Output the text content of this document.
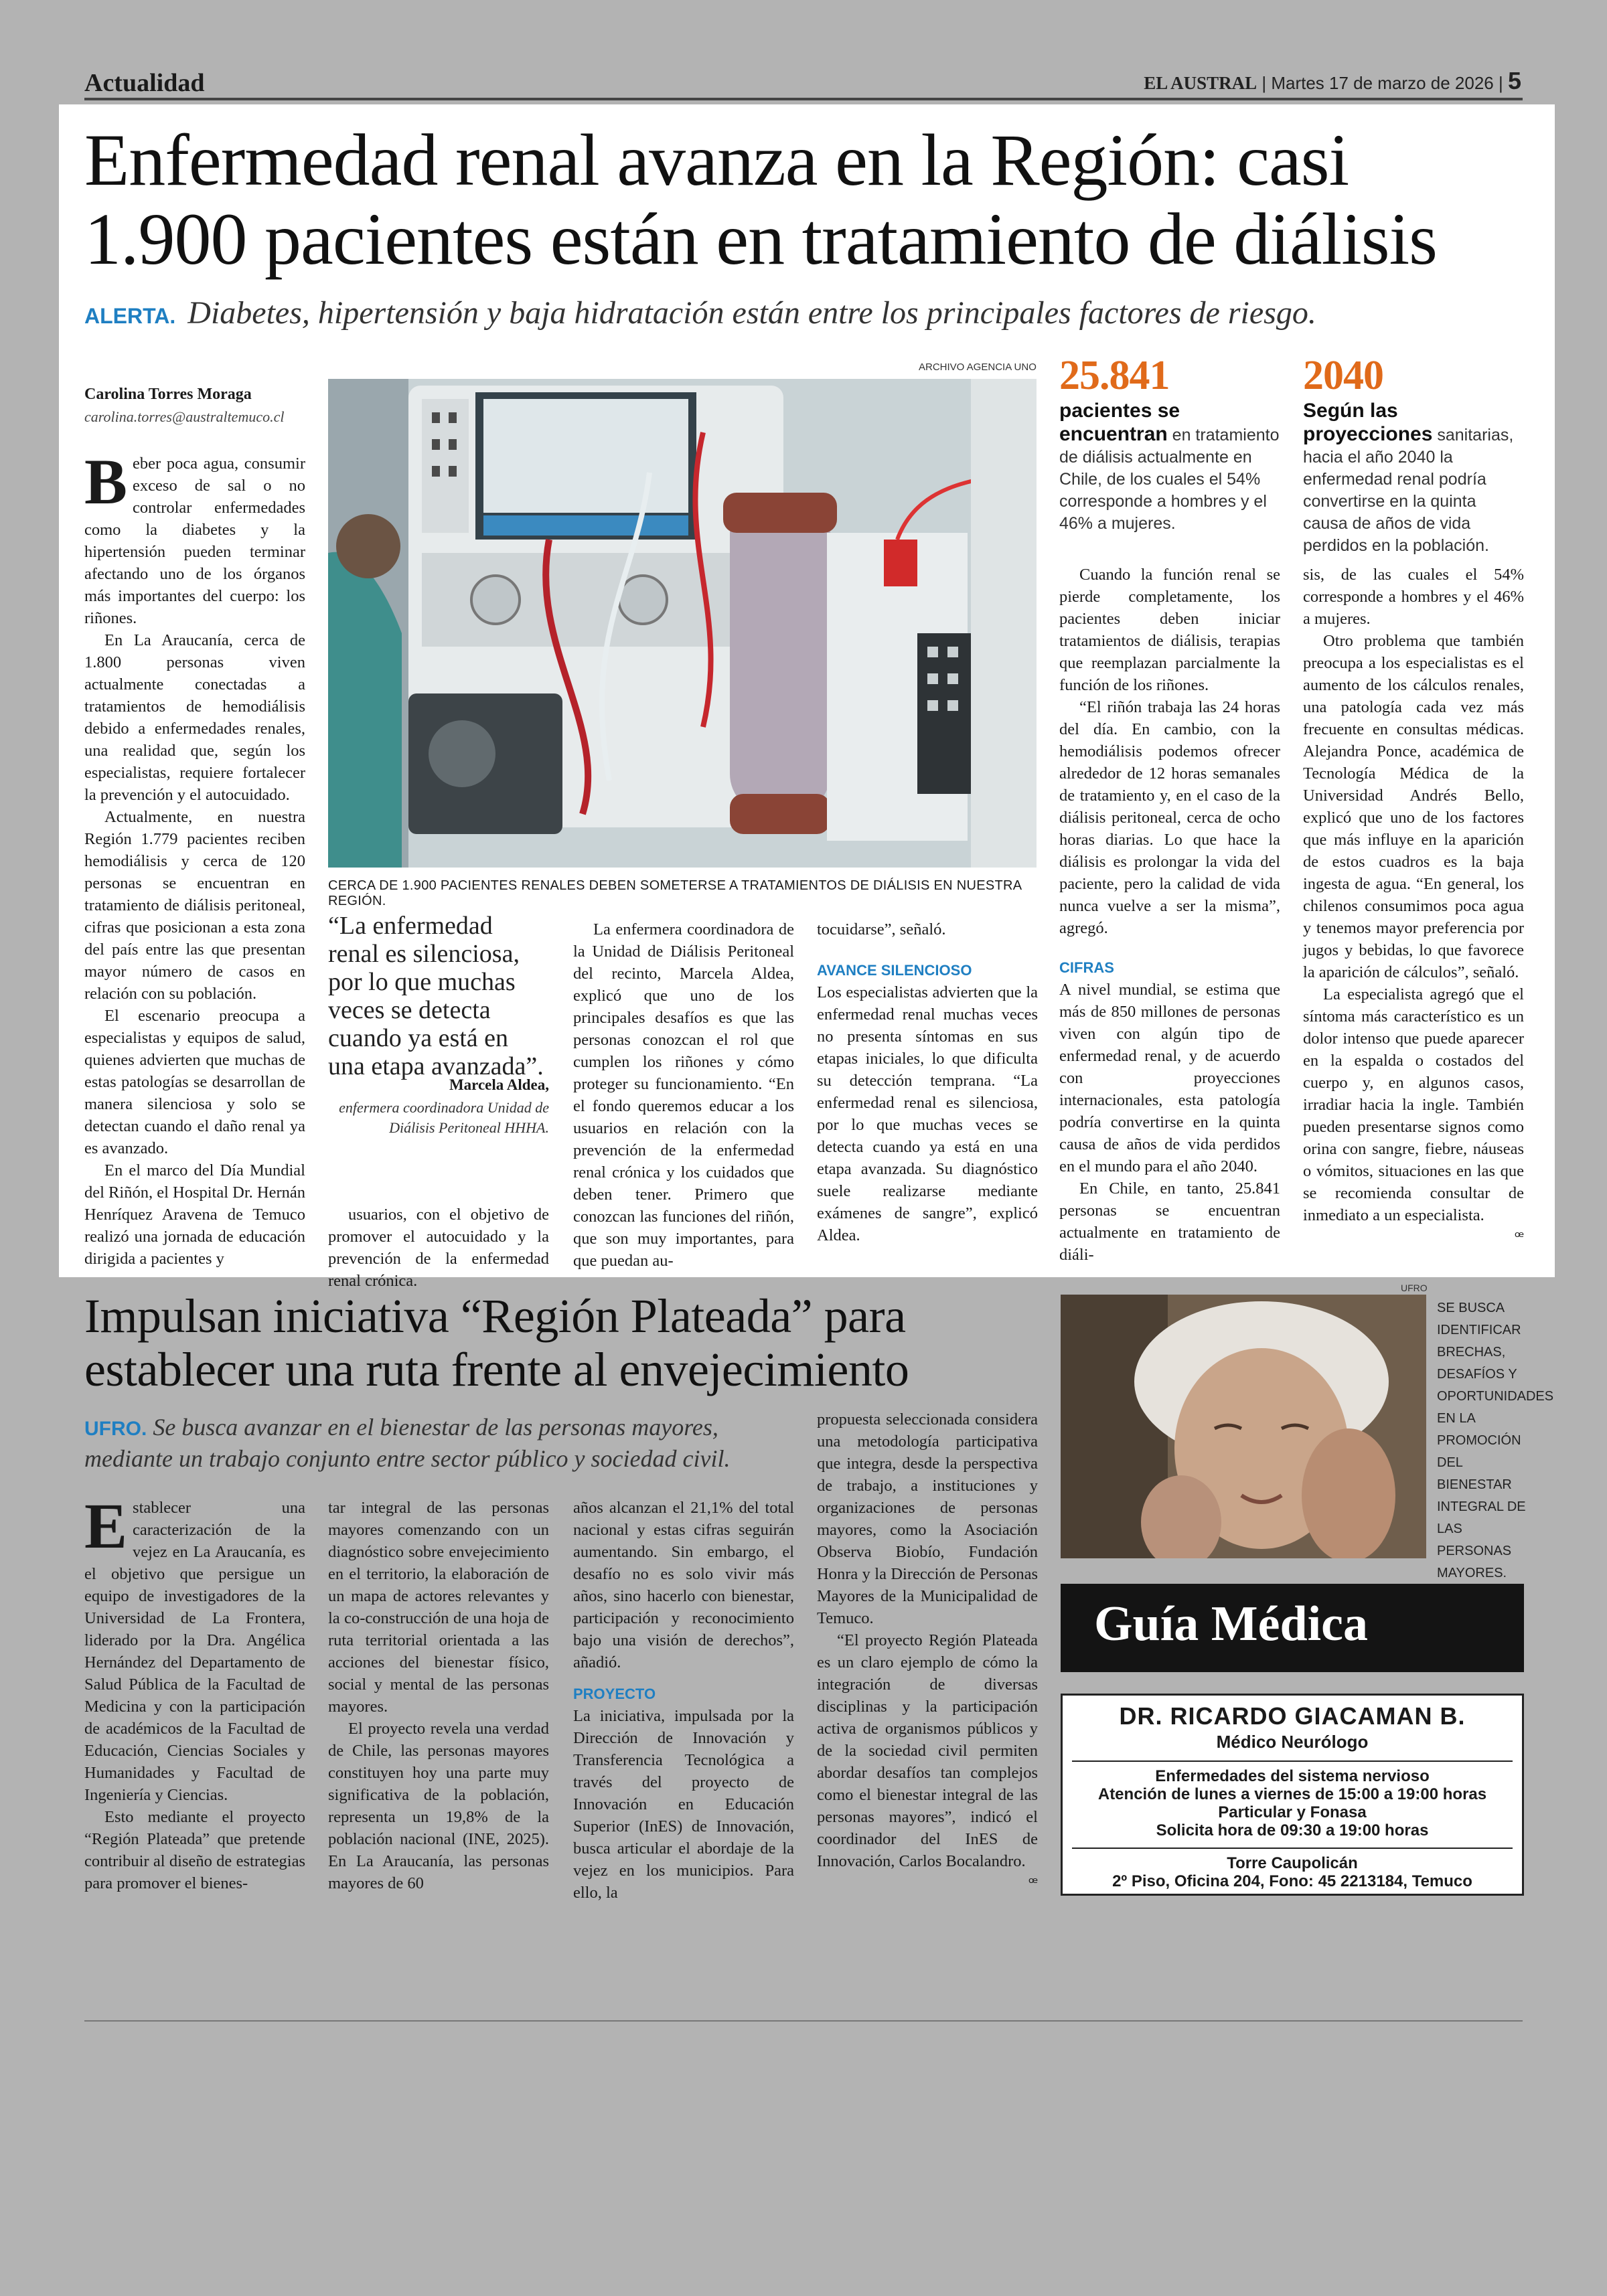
Actualidad	EL AUSTRAL | Martes 17 de marzo de 2026 | 5
Enfermedad renal avanza en la Región: casi
1.900 pacientes están en tratamiento de diálisis
ALERTA. Diabetes, hipertensión y baja hidratación están entre los principales factores de riesgo.
Carolina Torres Moraga
carolina.torres@australtemuco.cl

Beber poca agua, consumir exceso de sal o no controlar enfermedades como la diabetes y la hipertensión pueden terminar afectando uno de los órganos más importantes del cuerpo: los riñones.

En La Araucanía, cerca de 1.800 personas viven actualmente conectadas a tratamientos de hemodiálisis debido a enfermedades renales, una realidad que, según los especialistas, requiere fortalecer la prevención y el autocuidado.

Actualmente, en nuestra Región 1.779 pacientes reciben hemodiálisis y cerca de 120 personas se encuentran en tratamiento de diálisis peritoneal, cifras que posicionan a esta zona del país entre las que presentan mayor número de casos en relación con su población.

El escenario preocupa a especialistas y equipos de salud, quienes advierten que muchas de estas patologías se desarrollan de manera silenciosa y solo se detectan cuando el daño renal ya es avanzado.

En el marco del Día Mundial del Riñón, el Hospital Dr. Hernán Henríquez Aravena de Temuco realizó una jornada de educación dirigida a pacientes y

ARCHIVO AGENCIA UNO
CERCA DE 1.900 PACIENTES RENALES DEBEN SOMETERSE A TRATAMIENTOS DE DIÁLISIS EN NUESTRA REGIÓN.
“La enfermedad renal es silenciosa, por lo que muchas veces se detecta cuando ya está en una etapa avanzada”.
Marcela Aldea,
enfermera coordinadora Unidad de Diálisis Peritoneal HHHA.

usuarios, con el objetivo de promover el autocuidado y la prevención de la enfermedad renal crónica.

La enfermera coordinadora de la Unidad de Diálisis Peritoneal del recinto, Marcela Aldea, explicó que uno de los principales desafíos es que las personas conozcan el rol que cumplen los riñones y cómo proteger su funcionamiento. “En el fondo queremos educar a los usuarios en relación con la prevención de la enfermedad renal crónica y los cuidados que deben tener. Primero que conozcan las funciones del riñón, que son muy importantes, para que puedan au-

tocuidarse”, señaló.

AVANCE SILENCIOSO

Los especialistas advierten que la enfermedad renal muchas veces no presenta síntomas en sus etapas iniciales, lo que dificulta su detección temprana. “La enfermedad renal es silenciosa, por lo que muchas veces se detecta cuando ya está en una etapa avanzada. Su diagnóstico suele realizarse mediante exámenes de sangre”, explicó Aldea.

25.841
pacientes se encuentran en tratamiento de diálisis actualmente en Chile, de los cuales el 54% corresponde a hombres y el 46% a mujeres.
2040
Según las proyecciones sanitarias, hacia el año 2040 la enfermedad renal podría convertirse en la quinta causa de años de vida perdidos en la población.

Cuando la función renal se pierde completamente, los pacientes deben iniciar tratamientos de diálisis, terapias que reemplazan parcialmente la función de los riñones.

“El riñón trabaja las 24 horas del día. En cambio, con la hemodiálisis podemos ofrecer alrededor de 12 horas semanales de tratamiento y, en el caso de la diálisis peritoneal, cerca de ocho horas diarias. Lo que hace la diálisis es prolongar la vida del paciente, pero la calidad de vida nunca vuelve a ser la misma”, agregó.

CIFRAS

A nivel mundial, se estima que más de 850 millones de personas viven con algún tipo de enfermedad renal, y de acuerdo con proyecciones internacionales, esta patología podría convertirse en la quinta causa de años de vida perdidos en el mundo para el año 2040.

En Chile, en tanto, 25.841 personas se encuentran actualmente en tratamiento de diáli-

sis, de las cuales el 54% corresponde a hombres y el 46% a mujeres.

Otro problema que también preocupa a los especialistas es el aumento de los cálculos renales, una patología cada vez más frecuente en consultas médicas. Alejandra Ponce, académica de Tecnología Médica de la Universidad Andrés Bello, explicó que uno de los factores que más influye en la aparición de estos cuadros es la baja ingesta de agua. “En general, los chilenos consumimos poca agua y tenemos mayor preferencia por jugos y bebidas, lo que favorece la aparición de cálculos”, señaló.

La especialista agregó que el síntoma más característico es un dolor intenso que puede aparecer en la espalda o costados del cuerpo y, en algunos casos, irradiar hacia la ingle. También pueden presentarse signos como orina con sangre, fiebre, náuseas o vómitos, situaciones en las que se recomienda consultar de inmediato a un especialista.

ꟹ

Impulsan iniciativa “Región Plateada” para
establecer una ruta frente al envejecimiento
UFRO. Se busca avanzar en el bienestar de las personas mayores, mediante un trabajo conjunto entre sector público y sociedad civil.

Establecer una caracterización de la vejez en La Araucanía, es el objetivo que persigue un equipo de investigadores de la Universidad de La Frontera, liderado por la Dra. Angélica Hernández del Departamento de Salud Pública de la Facultad de Medicina y con la participación de académicos de la Facultad de Educación, Ciencias Sociales y Humanidades y Facultad de Ingeniería y Ciencias.

Esto mediante el proyecto “Región Plateada” que pretende contribuir al diseño de estrategias para promover el bienes-

tar integral de las personas mayores comenzando con un diagnóstico sobre envejecimiento en el territorio, la elaboración de un mapa de actores relevantes y la co-construcción de una hoja de ruta territorial orientada a las acciones del bienestar físico, social y mental de las personas mayores.

El proyecto revela una verdad de Chile, las personas mayores constituyen hoy una parte muy significativa de la población, representa un 19,8% de la población nacional (INE, 2025). En La Araucanía, las personas mayores de 60

años alcanzan el 21,1% del total nacional y estas cifras seguirán aumentando. Sin embargo, el desafío no es solo vivir más años, sino hacerlo con bienestar, participación y reconocimiento bajo una visión de derechos”, añadió.

PROYECTO

La iniciativa, impulsada por la Dirección de Innovación y Transferencia Tecnológica a través del proyecto de Innovación en Educación Superior (InES) de Innovación, busca articular el abordaje de la vejez en los municipios. Para ello, la

propuesta seleccionada considera una metodología participativa que integra, desde la perspectiva de trabajo, a instituciones y organizaciones de personas mayores, como la Asociación Observa Biobío, Fundación Honra y la Dirección de Personas Mayores de la Municipalidad de Temuco.

“El proyecto Región Plateada es un claro ejemplo de cómo la integración de diversas disciplinas y la participación activa de organismos públicos y de la sociedad civil permiten abordar desafíos tan complejos como el bienestar integral de las personas mayores”, indicó el coordinador del InES de Innovación, Carlos Bocalandro.

ꟹ

UFRO
SE BUSCA IDENTIFICAR BRECHAS, DESAFÍOS Y OPORTUNIDADES EN LA PROMOCIÓN DEL BIENESTAR INTEGRAL DE LAS PERSONAS MAYORES.
Guía Médica
DR. RICARDO GIACAMAN B.
Médico Neurólogo
Enfermedades del sistema nervioso
Atención de lunes a viernes de 15:00 a 19:00 horas
Particular y Fonasa
Solicita hora de 09:30 a 19:00 horas
Torre Caupolicán
2º Piso, Oficina 204, Fono: 45 2213184, Temuco
